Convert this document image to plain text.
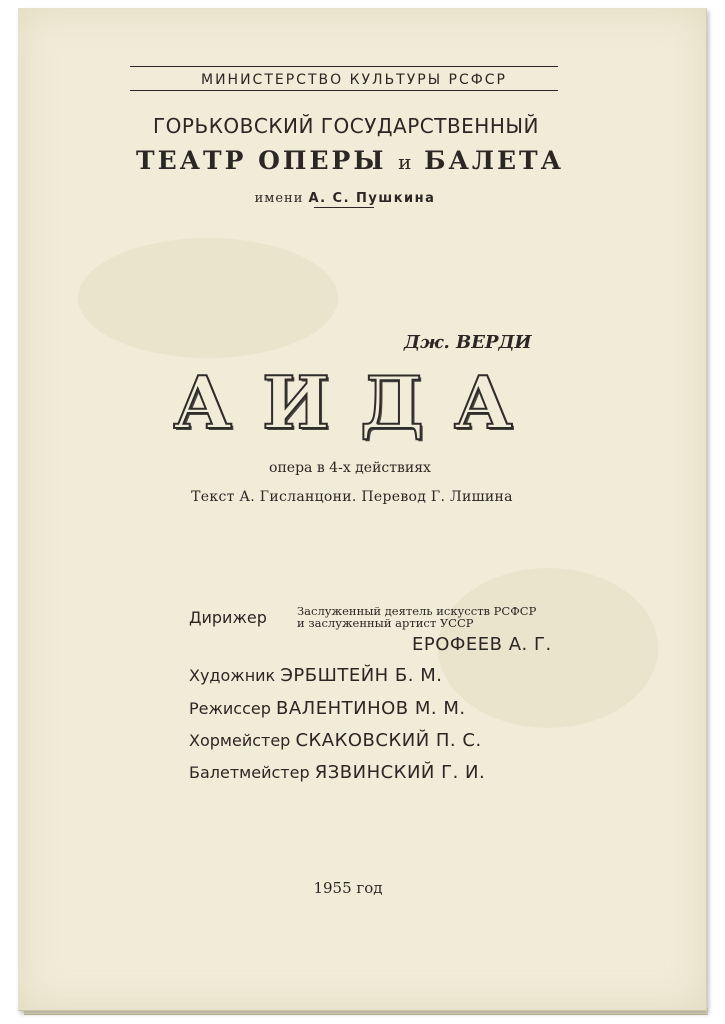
МИНИСТЕРСТВО КУЛЬТУРЫ РСФСР
ГОРЬКОВСКИЙ ГОСУДАРСТВЕННЫЙ
ТЕАТР ОПЕРЫ и БАЛЕТА
имени А. С. Пушкина
Дж. ВЕРДИ
АИДА
опера в 4-х действиях
Текст А. Гисланцони. Перевод Г. Лишина
Дирижер	Заслуженный деятель искусств РСФСР
и заслуженный артист УССР
ЕРОФЕЕВ А. Г.
Художник ЭРБШТЕЙН Б. М.
Режиссер ВАЛЕНТИНОВ М. М.
Хормейстер СКАКОВСКИЙ П. С.
Балетмейстер ЯЗВИНСКИЙ Г. И.
1955 год
